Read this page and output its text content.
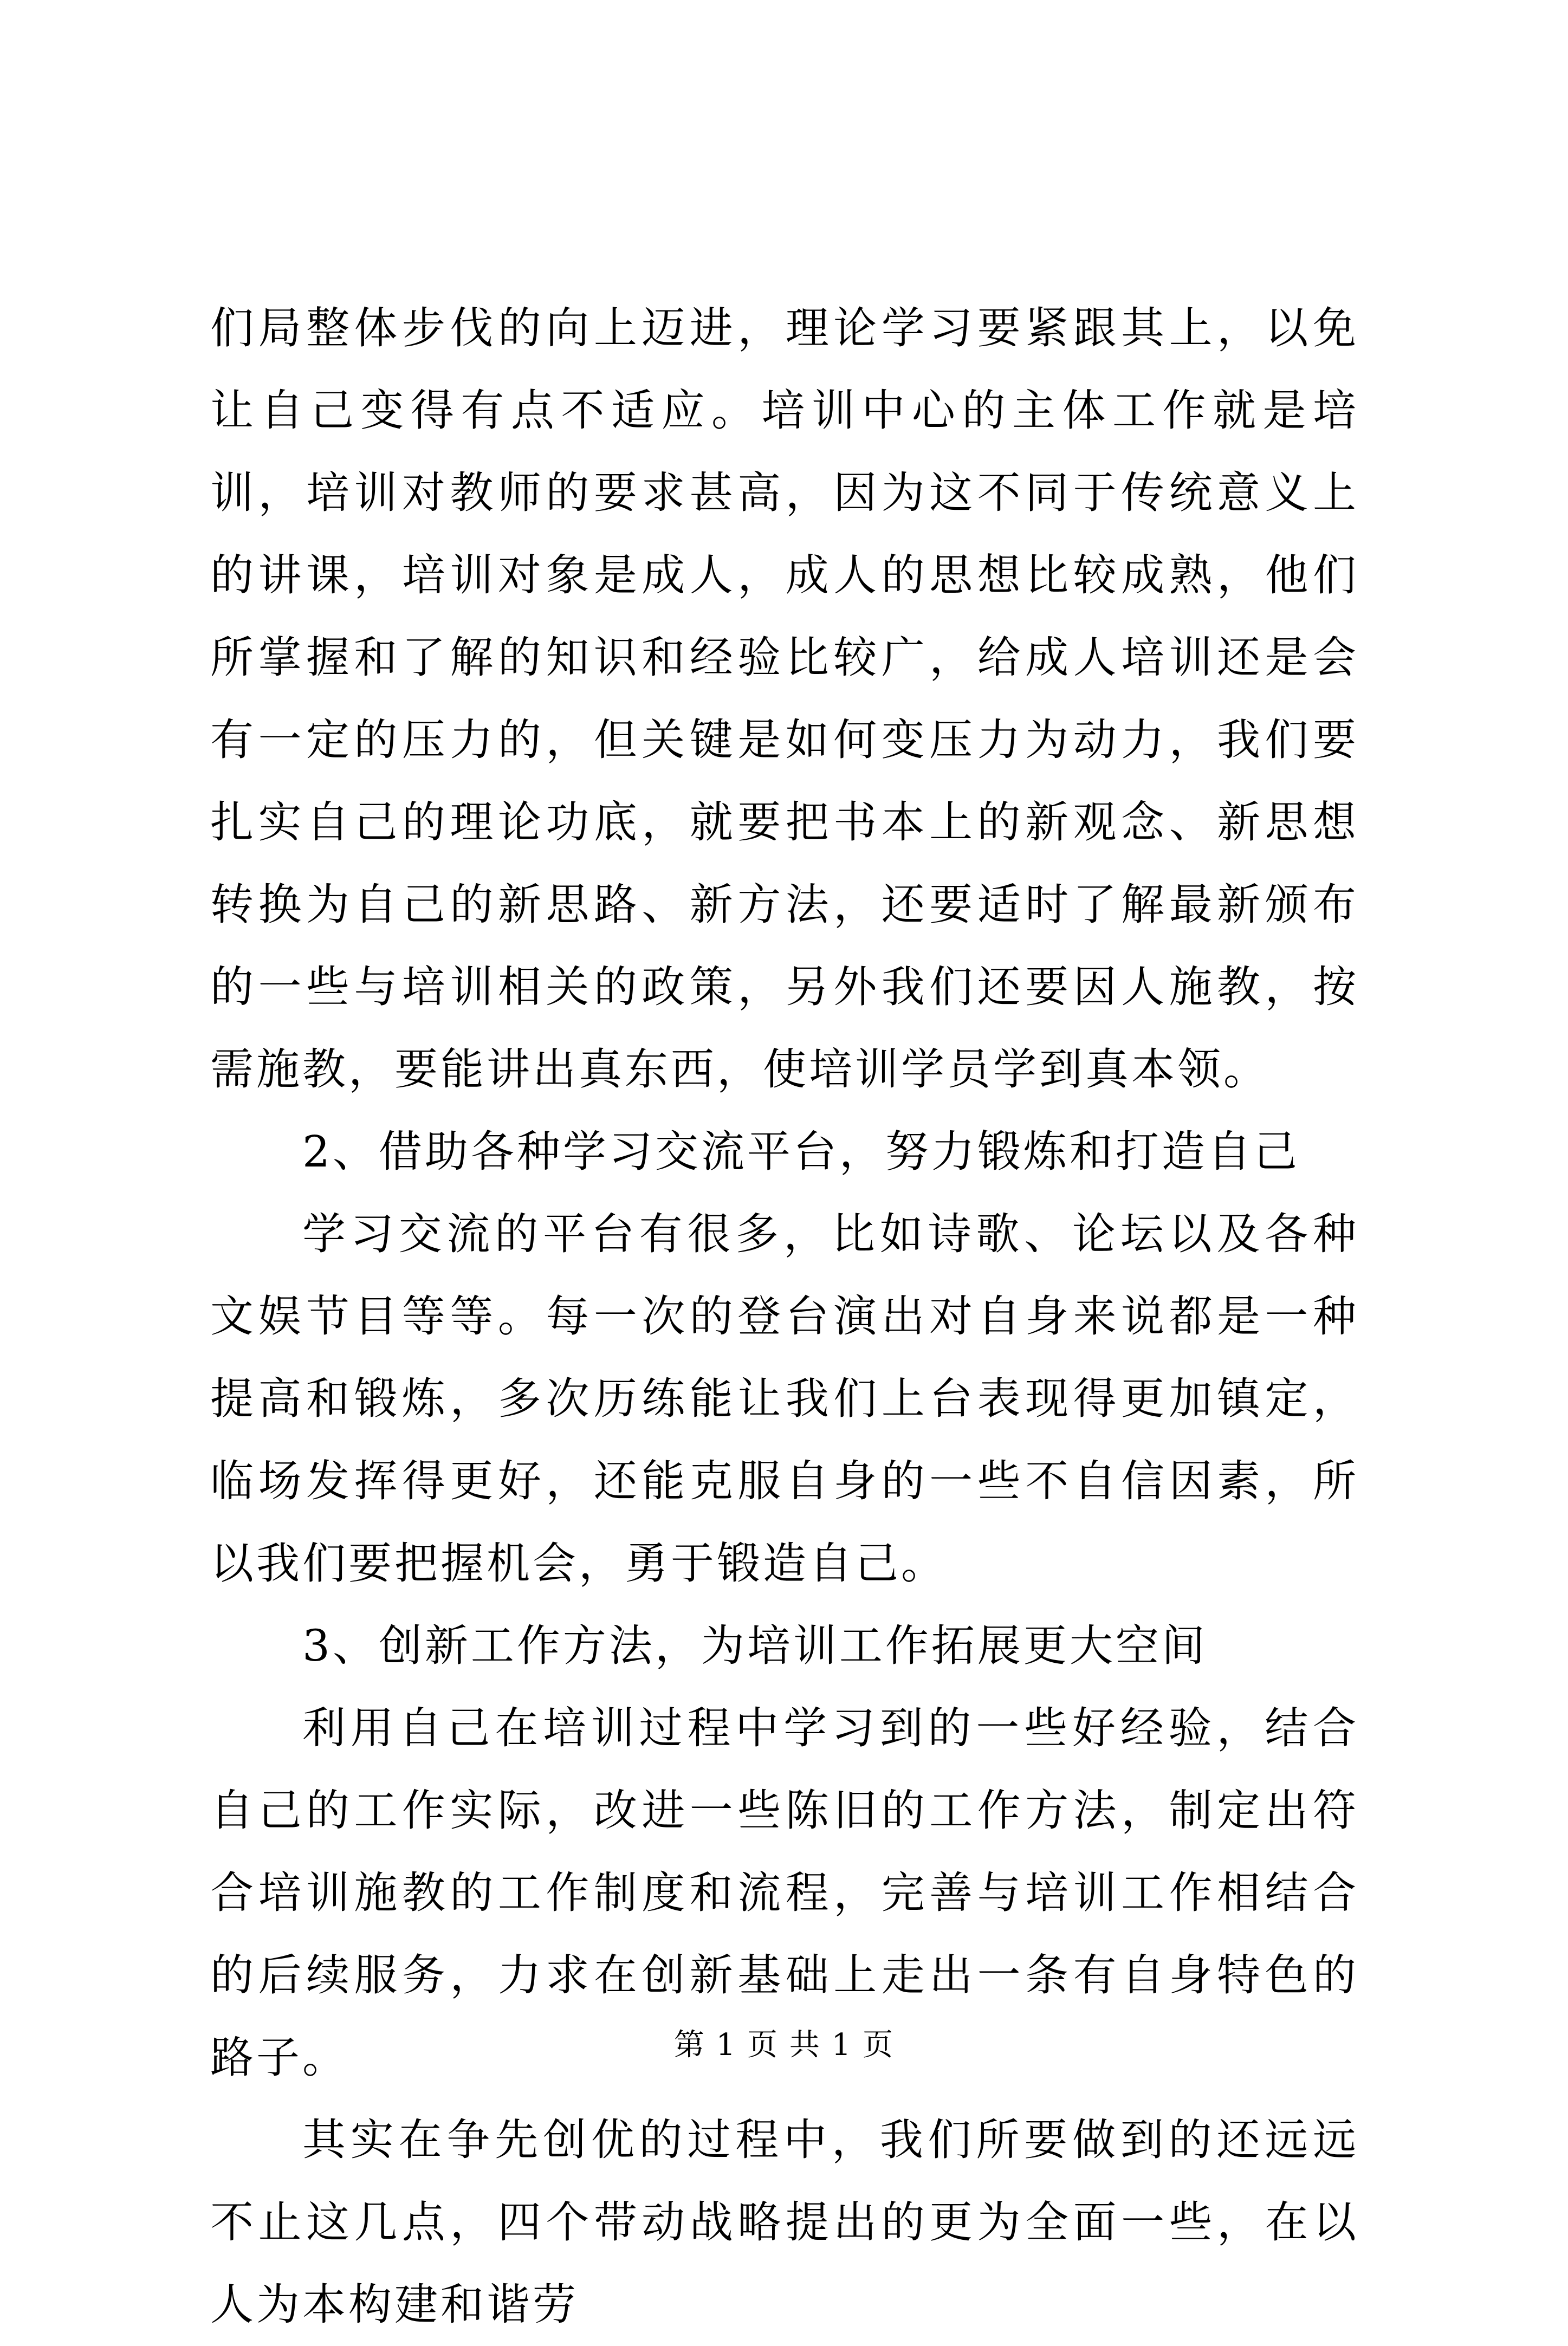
们局整体步伐的向上迈进，理论学习要紧跟其上，以免让自己变得有点不适应。培训中心的主体工作就是培训，培训对教师的要求甚高，因为这不同于传统意义上的讲课，培训对象是成人，成人的思想比较成熟，他们所掌握和了解的知识和经验比较广，给成人培训还是会有一定的压力的，但关键是如何变压力为动力，我们要扎实自己的理论功底，就要把书本上的新观念、新思想转换为自己的新思路、新方法，还要适时了解最新颁布的一些与培训相关的政策，另外我们还要因人施教，按需施教，要能讲出真东西，使培训学员学到真本领。

2、借助各种学习交流平台，努力锻炼和打造自己

学习交流的平台有很多，比如诗歌、论坛以及各种文娱节目等等。每一次的登台演出对自身来说都是一种提高和锻炼，多次历练能让我们上台表现得更加镇定，临场发挥得更好，还能克服自身的一些不自信因素，所以我们要把握机会，勇于锻造自己。

3、创新工作方法，为培训工作拓展更大空间

利用自己在培训过程中学习到的一些好经验，结合自己的工作实际，改进一些陈旧的工作方法，制定出符合培训施教的工作制度和流程，完善与培训工作相结合的后续服务，力求在创新基础上走出一条有自身特色的路子。

其实在争先创优的过程中，我们所要做到的还远远不止这几点，四个带动战略提出的更为全面一些，在以人为本构建和谐劳

第 1 页 共 1 页
